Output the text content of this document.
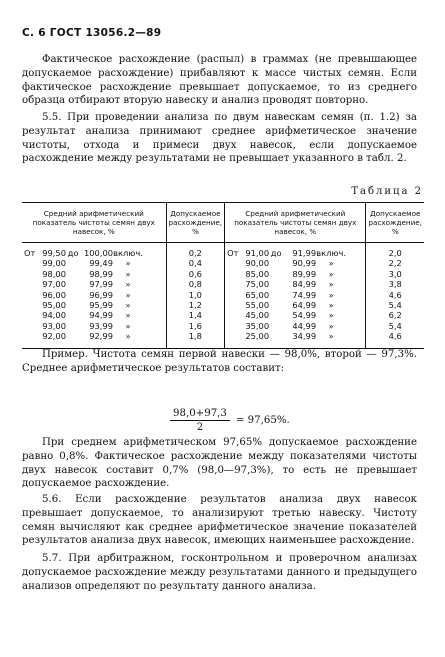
С. 6 ГОСТ 13056.2—89
Фактическое расхождение (распыл) в граммах (не превышающее допускаемое расхождение) прибавляют к массе чистых семян. Если фактическое расхождение превышает допускаемое, то из среднего образца отбирают вторую навеску и анализ проводят повторно.
5.5. При проведении анализа по двум навескам семян (п. 1.2) за результат анализа принимают среднее арифметическое значение чистоты, отхода и примеси двух навесок, если допускаемое расхождение между результатами не превышает указанного в табл. 2.
Таблица 2
Средний арифметический показатель чистоты семян двух навесок, %	Допускаемое расхождение, %	Средний арифметический показатель чистоты семян двух навесок, %	Допускаемое расхождение, %
От 99,50 до 100,00включ.	0,2	От 91,00 до 91,99включ.	2,0
99,00 99,49 »	0,4	90,00 90,99 »	2,2
98,00 98,99 »	0,6	85,00 89,99 »	3,0
97,00 97,99 »	0,8	75,00 84,99 »	3,8
96,00 96,99 »	1,0	65,00 74,99 »	4,6
95,00 95,99 »	1,2	55,00 64,99 »	5,4
94,00 94,99 »	1,4	45,00 54,99 »	6,2
93,00 93,99 »	1,6	35,00 44,99 »	5,4
92,00 92,99 »	1,8	25,00 34,99 »	4,6
Пример. Чистота семян первой навески — 98,0%, второй — 97,3%. Среднее арифметическое результатов составит:
$\frac{98,0+97,3}{2} = 97,65\%$.
При среднем арифметическом 97,65% допускаемое расхождение равно 0,8%. Фактическое расхождение между показателями чистоты двух навесок составит 0,7% (98,0—97,3%), то есть не превышает допускаемое расхождение.
5.6. Если расхождение результатов анализа двух навесок превышает допускаемое, то анализируют третью навеску. Чистоту семян вычисляют как среднее арифметическое значение показателей результатов анализа двух навесок, имеющих наименьшее расхождение.
5.7. При арбитражном, госконтрольном и проверочном анализах допускаемое расхождение между результатами данного и предыдущего анализов определяют по результату данного анализа.
